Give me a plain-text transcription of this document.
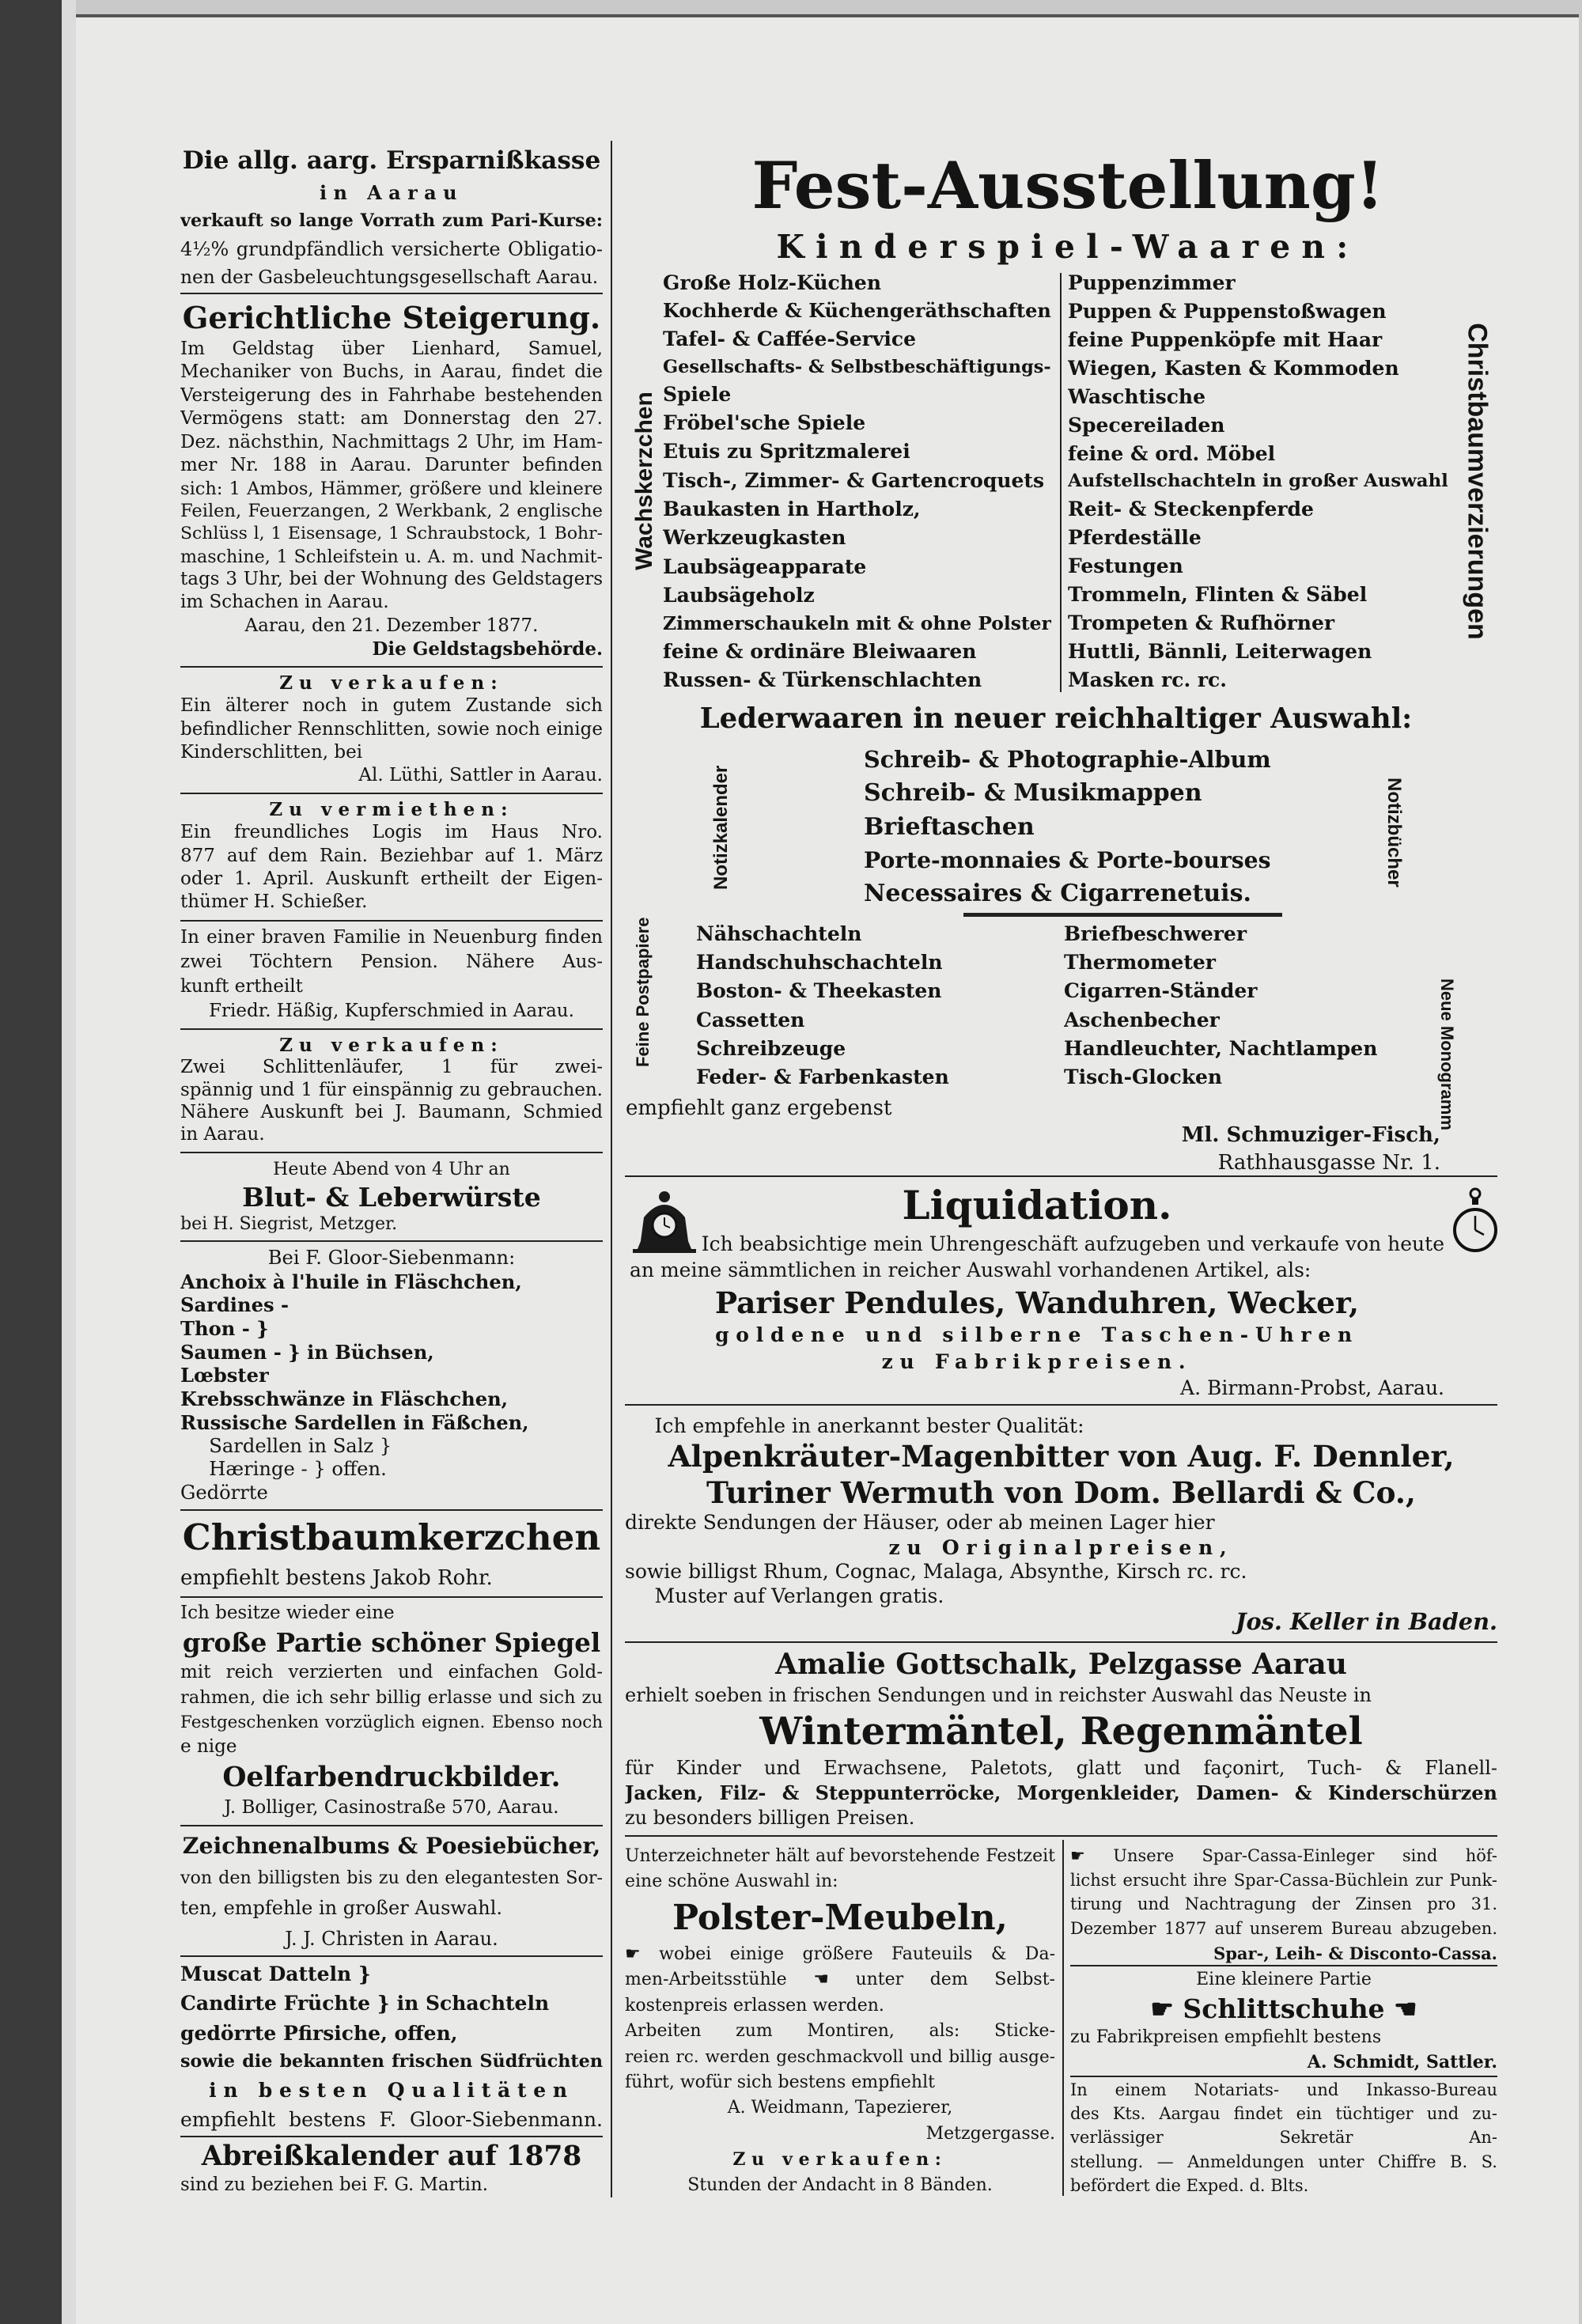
Die allg. aarg. Ersparnißkasse
in Aarau
verkauft so lange Vorrath zum Pari-Kurse:
4½% grundpfändlich versicherte Obligatio-
nen der Gasbeleuchtungsgesellschaft Aarau.
Gerichtliche Steigerung.
Im Geldstag über Lienhard, Samuel,
Mechaniker von Buchs, in Aarau, findet die
Versteigerung des in Fahrhabe bestehenden
Vermögens statt: am Donnerstag den 27.
Dez. nächsthin, Nachmittags 2 Uhr, im Ham-
mer Nr. 188 in Aarau. Darunter befinden
sich: 1 Ambos, Hämmer, größere und kleinere
Feilen, Feuerzangen, 2 Werkbank, 2 englische
Schlüss l, 1 Eisensage, 1 Schraubstock, 1 Bohr-
maschine, 1 Schleifstein u. A. m. und Nachmit-
tags 3 Uhr, bei der Wohnung des Geldstagers
im Schachen in Aarau.
Aarau, den 21. Dezember 1877.
Die Geldstagsbehörde.
Zu verkaufen:
Ein älterer noch in gutem Zustande sich
befindlicher Rennschlitten, sowie noch einige
Kinderschlitten, bei
Al. Lüthi, Sattler in Aarau.
Zu vermiethen:
Ein freundliches Logis im Haus Nro.
877 auf dem Rain. Beziehbar auf 1. März
oder 1. April. Auskunft ertheilt der Eigen-
thümer H. Schießer.
In einer braven Familie in Neuenburg finden
zwei Töchtern Pension. Nähere Aus-
kunft ertheilt
Friedr. Häßig, Kupferschmied in Aarau.
Zu verkaufen:
Zwei Schlittenläufer, 1 für zwei-
spännig und 1 für einspännig zu gebrauchen.
Nähere Auskunft bei J. Baumann, Schmied
in Aarau.
Heute Abend von 4 Uhr an
Blut- & Leberwürste
bei H. Siegrist, Metzger.
Bei F. Gloor-Siebenmann:
Anchoix à l'huile in Fläschchen,
Sardines -
Thon - }
Saumen - } in Büchsen,
Lœbster
Krebsschwänze in Fläschchen,
Russische Sardellen in Fäßchen,
Sardellen in Salz }
Hæringe - } offen.
Gedörrte
Christbaumkerzchen
empfiehlt bestens Jakob Rohr.
Ich besitze wieder eine
große Partie schöner Spiegel
mit reich verzierten und einfachen Gold-
rahmen, die ich sehr billig erlasse und sich zu
Festgeschenken vorzüglich eignen. Ebenso noch
e nige
Oelfarbendruckbilder.
J. Bolliger, Casinostraße 570, Aarau.
Zeichnenalbums & Poesiebücher,
von den billigsten bis zu den elegantesten Sor-
ten, empfehle in großer Auswahl.
J. J. Christen in Aarau.
Muscat Datteln }
Candirte Früchte } in Schachteln
gedörrte Pfirsiche, offen,
sowie die bekannten frischen Südfrüchten
in besten Qualitäten
empfiehlt bestens F. Gloor-Siebenmann.
Abreißkalender auf 1878
sind zu beziehen bei F. G. Martin.
Fest-Ausstellung!
Kinderspiel-Waaren:
Große Holz-Küchen
Kochherde & Küchengeräthschaften
Tafel- & Caffée-Service
Gesellschafts- & Selbstbeschäftigungs-
Spiele
Fröbel'sche Spiele
Etuis zu Spritzmalerei
Tisch-, Zimmer- & Gartencroquets
Baukasten in Hartholz,
Werkzeugkasten
Laubsägeapparate
Laubsägeholz
Zimmerschaukeln mit & ohne Polster
feine & ordinäre Bleiwaaren
Russen- & Türkenschlachten
Puppenzimmer
Puppen & Puppenstoßwagen
feine Puppenköpfe mit Haar
Wiegen, Kasten & Kommoden
Waschtische
Specereiladen
feine & ord. Möbel
Aufstellschachteln in großer Auswahl
Reit- & Steckenpferde
Pferdeställe
Festungen
Trommeln, Flinten & Säbel
Trompeten & Rufhörner
Huttli, Bännli, Leiterwagen
Masken rc. rc.
Lederwaaren in neuer reichhaltiger Auswahl:
Schreib- & Photographie-Album
Schreib- & Musikmappen
Brieftaschen
Porte-monnaies & Porte-bourses
Necessaires & Cigarrenetuis.
Nähschachteln
Handschuhschachteln
Boston- & Theekasten
Cassetten
Schreibzeuge
Feder- & Farbenkasten
Briefbeschwerer
Thermometer
Cigarren-Ständer
Aschenbecher
Handleuchter, Nachtlampen
Tisch-Glocken
empfiehlt ganz ergebenst
Ml. Schmuziger-Fisch,
Rathhausgasse Nr. 1.
Liquidation.
Ich beabsichtige mein Uhrengeschäft aufzugeben und verkaufe von heute
an meine sämmtlichen in reicher Auswahl vorhandenen Artikel, als:
Pariser Pendules, Wanduhren, Wecker,
goldene und silberne Taschen-Uhren
zu Fabrikpreisen.
A. Birmann-Probst, Aarau.
Ich empfehle in anerkannt bester Qualität:
Alpenkräuter-Magenbitter von Aug. F. Dennler,
Turiner Wermuth von Dom. Bellardi & Co.,
direkte Sendungen der Häuser, oder ab meinen Lager hier
zu Originalpreisen,
sowie billigst Rhum, Cognac, Malaga, Absynthe, Kirsch rc. rc.
Muster auf Verlangen gratis.
Jos. Keller in Baden.
Amalie Gottschalk, Pelzgasse Aarau
erhielt soeben in frischen Sendungen und in reichster Auswahl das Neuste in
Wintermäntel, Regenmäntel
für Kinder und Erwachsene, Paletots, glatt und façonirt, Tuch- & Flanell-
Jacken, Filz- & Steppunterröcke, Morgenkleider, Damen- & Kinderschürzen
zu besonders billigen Preisen.
Unterzeichneter hält auf bevorstehende Festzeit
eine schöne Auswahl in:
Polster-Meubeln,
☛ wobei einige größere Fauteuils & Da-
men-Arbeitsstühle ☚ unter dem Selbst-
kostenpreis erlassen werden.
Arbeiten zum Montiren, als: Sticke-
reien rc. werden geschmackvoll und billig ausge-
führt, wofür sich bestens empfiehlt
A. Weidmann, Tapezierer,
Metzgergasse.
Zu verkaufen:
Stunden der Andacht in 8 Bänden.
☛ Unsere Spar-Cassa-Einleger sind höf-
lichst ersucht ihre Spar-Cassa-Büchlein zur Punk-
tirung und Nachtragung der Zinsen pro 31.
Dezember 1877 auf unserem Bureau abzugeben.
Spar-, Leih- & Disconto-Cassa.
Eine kleinere Partie
☛ Schlittschuhe ☚
zu Fabrikpreisen empfiehlt bestens
A. Schmidt, Sattler.
In einem Notariats- und Inkasso-Bureau
des Kts. Aargau findet ein tüchtiger und zu-
verlässiger Sekretär An-
stellung. — Anmeldungen unter Chiffre B. S.
befördert die Exped. d. Blts.
Wachskerzchen	Christbaumverzierungen
Notizkalender	Notizbücher
Feine Postpapiere	Neue Monogramm
